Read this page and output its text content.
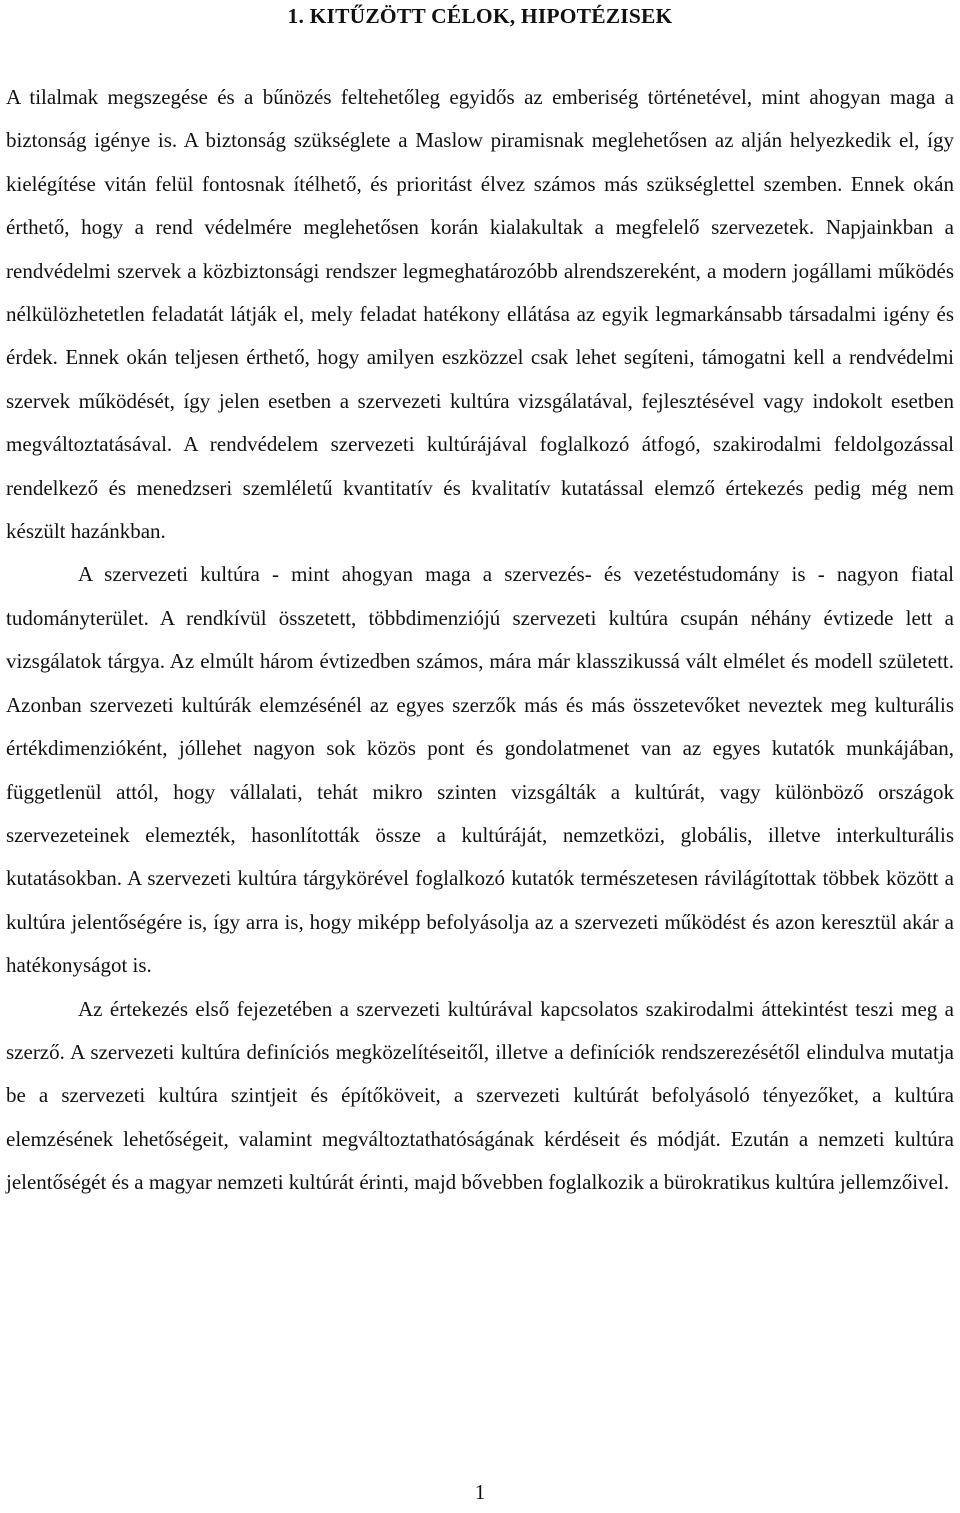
1. KITŰZÖTT CÉLOK, HIPOTÉZISEK

A tilalmak megszegése és a bűnözés feltehetőleg egyidős az emberiség történetével, mint ahogyan maga a biztonság igénye is. A biztonság szükséglete a Maslow piramisnak meglehetősen az alján helyezkedik el, így kielégítése vitán felül fontosnak ítélhető, és prioritást élvez számos más szükséglettel szemben. Ennek okán érthető, hogy a rend védelmére meglehetősen korán kialakultak a megfelelő szervezetek. Napjainkban a rendvédelmi szervek a közbiztonsági rendszer legmeghatározóbb alrendszereként, a modern jogállami működés nélkülözhetetlen feladatát látják el, mely feladat hatékony ellátása az egyik legmarkánsabb társadalmi igény és érdek. Ennek okán teljesen érthető, hogy amilyen eszközzel csak lehet segíteni, támogatni kell a rendvédelmi szervek működését, így jelen esetben a szervezeti kultúra vizsgálatával, fejlesztésével vagy indokolt esetben megváltoztatásával. A rendvédelem szervezeti kultúrájával foglalkozó átfogó, szakirodalmi feldolgozással rendelkező és menedzseri szemléletű kvantitatív és kvalitatív kutatással elemző értekezés pedig még nem készült hazánkban.

A szervezeti kultúra - mint ahogyan maga a szervezés- és vezetéstudomány is - nagyon fiatal tudományterület. A rendkívül összetett, többdimenziójú szervezeti kultúra csupán néhány évtizede lett a vizsgálatok tárgya. Az elmúlt három évtizedben számos, mára már klasszikussá vált elmélet és modell született. Azonban szervezeti kultúrák elemzésénél az egyes szerzők más és más összetevőket neveztek meg kulturális értékdimenzióként, jóllehet nagyon sok közös pont és gondolatmenet van az egyes kutatók munkájában, függetlenül attól, hogy vállalati, tehát mikro szinten vizsgálták a kultúrát, vagy különböző országok szervezeteinek elemezték, hasonlították össze a kultúráját, nemzetközi, globális, illetve interkulturális kutatásokban. A szervezeti kultúra tárgykörével foglalkozó kutatók természetesen rávilágítottak többek között a kultúra jelentőségére is, így arra is, hogy miképp befolyásolja az a szervezeti működést és azon keresztül akár a hatékonyságot is.

Az értekezés első fejezetében a szervezeti kultúrával kapcsolatos szakirodalmi áttekintést teszi meg a szerző. A szervezeti kultúra definíciós megközelítéseitől, illetve a definíciók rendszerezésétől elindulva mutatja be a szervezeti kultúra szintjeit és építőköveit, a szervezeti kultúrát befolyásoló tényezőket, a kultúra elemzésének lehetőségeit, valamint megváltoztathatóságának kérdéseit és módját. Ezután a nemzeti kultúra jelentőségét és a magyar nemzeti kultúrát érinti, majd bővebben foglalkozik a bürokratikus kultúra jellemzőivel.

1
